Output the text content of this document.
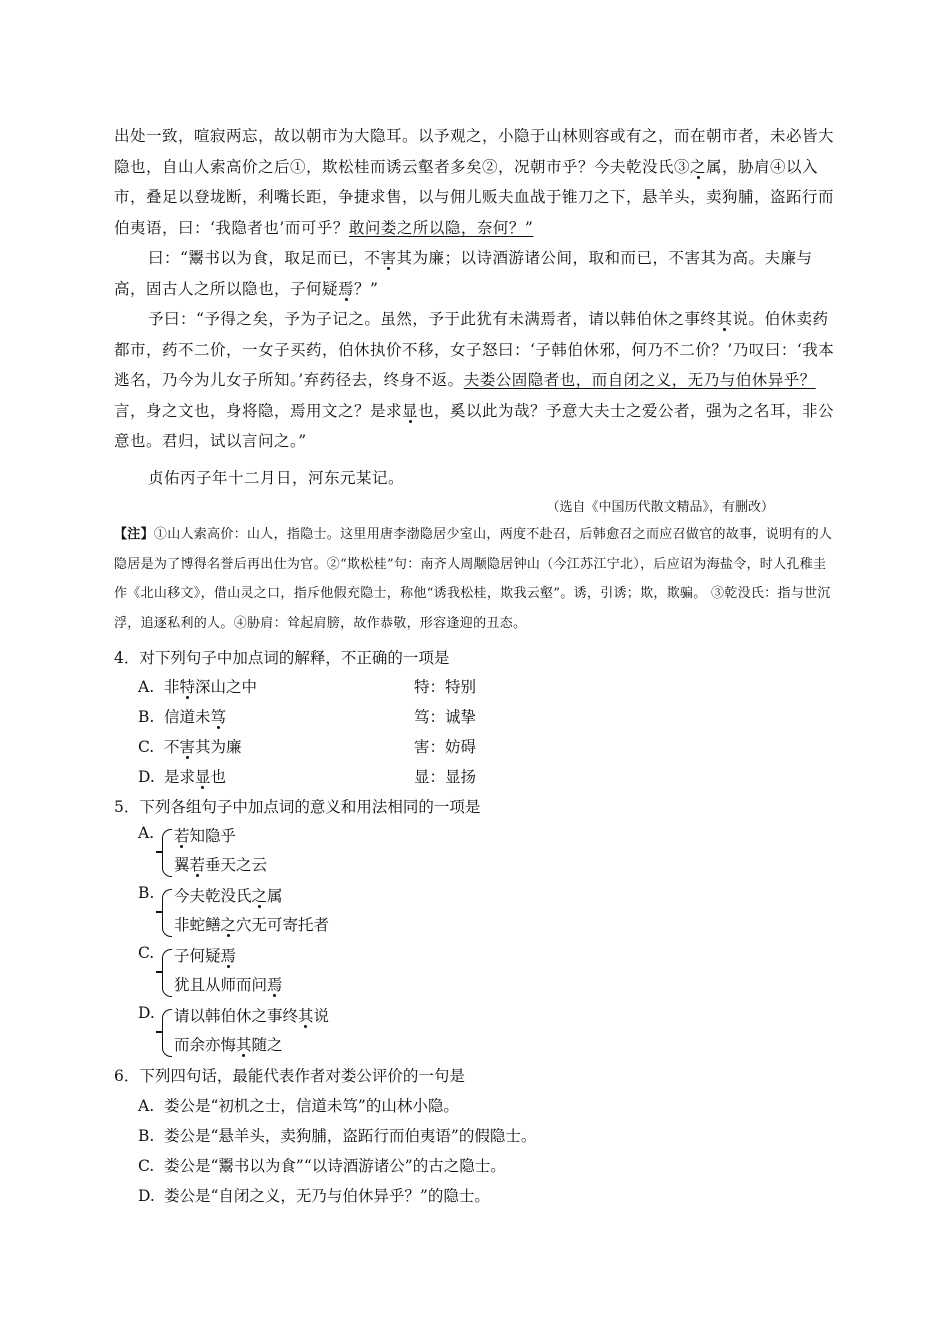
出处一致，喧寂两忘，故以朝市为大隐耳。以予观之，小隐于山林则容或有之，而在朝市者，未必皆大隐也，自山人索高价之后①，欺松桂而诱云壑者多矣②，况朝市乎？今夫乾没氏③之属，胁肩④以入市，叠足以登垅断，利嘴长距，争捷求售，以与佣儿贩夫血战于锥刀之下，悬羊头，卖狗脯，盗跖行而伯夷语，曰：‘我隐者也’而可乎？敢问娄之所以隐，奈何？”
曰：“鬻书以为食，取足而已，不害其为廉；以诗酒游诸公间，取和而已，不害其为高。夫廉与高，固古人之所以隐也，子何疑焉？”
予曰：“予得之矣，予为子记之。虽然，予于此犹有未满焉者，请以韩伯休之事终其说。伯休卖药都市，药不二价，一女子买药，伯休执价不移，女子怒曰：‘子韩伯休邪，何乃不二价？’乃叹曰：‘我本逃名，乃今为儿女子所知。’弃药径去，终身不返。夫娄公固隐者也，而自闭之义，无乃与伯休异乎？言，身之文也，身将隐，焉用文之？是求显也，奚以此为哉？予意大夫士之爱公者，强为之名耳，非公意也。君归，试以言问之。”
贞佑丙子年十二月日，河东元某记。
（选自《中国历代散文精品》，有删改）
【注】①山人索高价：山人，指隐士。这里用唐李渤隐居少室山，两度不赴召，后韩愈召之而应召做官的故事，说明有的人隐居是为了博得名誉后再出仕为官。②“欺松桂”句：南齐人周颙隐居钟山（今江苏江宁北），后应诏为海盐令，时人孔稚圭作《北山移文》，借山灵之口，指斥他假充隐士，称他“诱我松桂，欺我云壑”。诱，引诱；欺，欺骗。 ③乾没氏：指与世沉浮，追逐私利的人。④胁肩：耸起肩膀，故作恭敬，形容逢迎的丑态。
4．对下列句子中加点词的解释，不正确的一项是
A. 非特深山之中	特：特别
B. 信道未笃	笃：诚挚
C. 不害其为廉	害：妨碍
D. 是求显也	显：显扬
5．下列各组句子中加点词的意义和用法相同的一项是
A. 若知隐乎
翼若垂天之云
B. 今夫乾没氏之属
非蛇鳝之穴无可寄托者
C. 子何疑焉
犹且从师而问焉
D. 请以韩伯休之事终其说
而余亦悔其随之
6．下列四句话，最能代表作者对娄公评价的一句是
A. 娄公是“初机之士，信道未笃”的山林小隐。
B. 娄公是“悬羊头，卖狗脯，盗跖行而伯夷语”的假隐士。
C. 娄公是“鬻书以为食”“以诗酒游诸公”的古之隐士。
D. 娄公是“自闭之义，无乃与伯休异乎？”的隐士。
